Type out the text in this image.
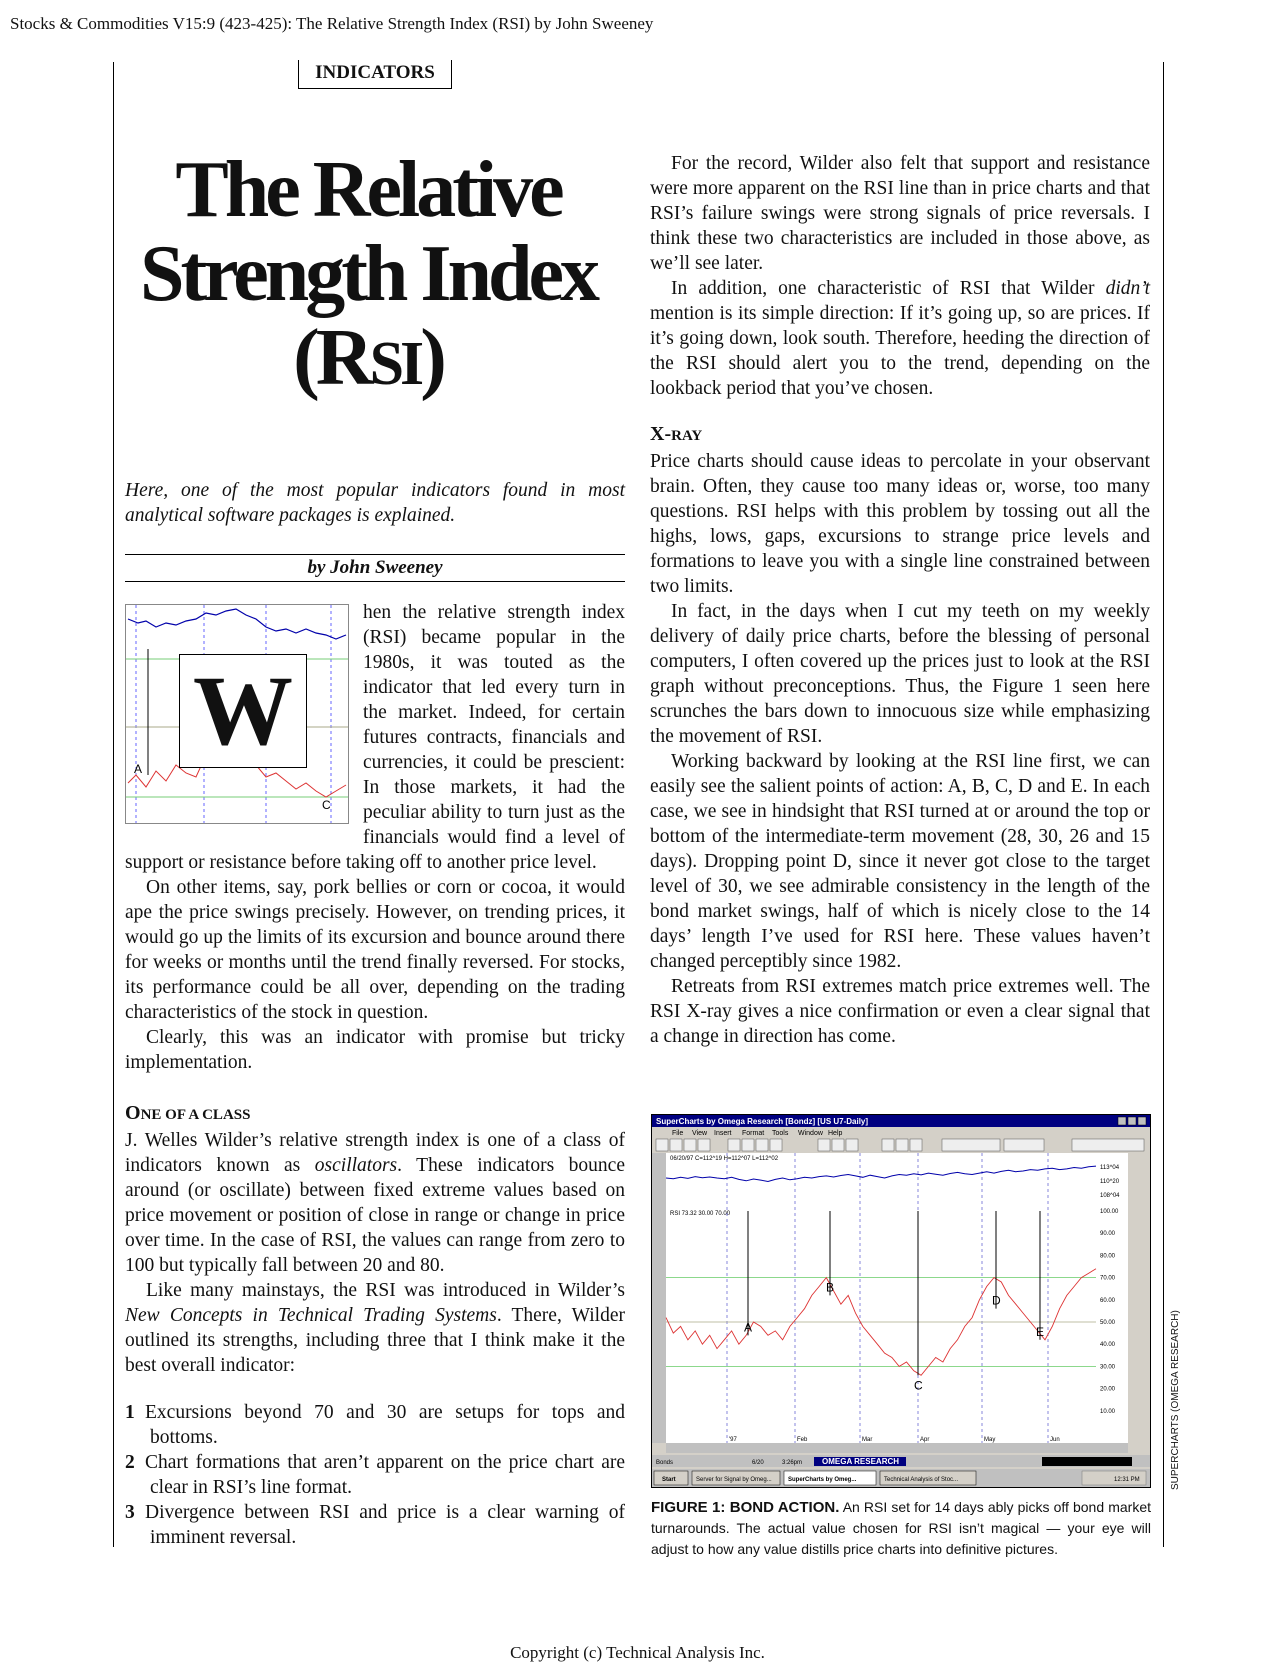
Stocks & Commodities V15:9 (423-425): The Relative Strength Index (RSI) by John Sweeney
INDICATORS
The Relative
Strength Index
(RSI)
Here, one of the most popular indicators found in most analytical software packages is explained.
by John Sweeney
A
C
W

hen the relative strength index (RSI) became popular in the 1980s, it was touted as the indicator that led every turn in the market. Indeed, for certain futures contracts, financials and currencies, it could be prescient: In those markets, it had the peculiar ability to turn just as the financials would find a level of support or resistance before taking off to another price level.

On other items, say, pork bellies or corn or cocoa, it would ape the price swings precisely. However, on trending prices, it would go up the limits of its excursion and bounce around there for weeks or months until the trend finally reversed. For stocks, its performance could be all over, depending on the trading characteristics of the stock in question.

Clearly, this was an indicator with promise but tricky implementation.

ONE OF A CLASS

J. Welles Wilder’s relative strength index is one of a class of indicators known as oscillators. These indicators bounce around (or oscillate) between fixed extreme values based on price movement or position of close in range or change in price over time. In the case of RSI, the values can range from zero to 100 but typically fall between 20 and 80.

Like many mainstays, the RSI was introduced in Wilder’s New Concepts in Technical Trading Systems. There, Wilder outlined its strengths, including three that I think make it the best overall indicator:

1 Excursions beyond 70 and 30 are setups for tops and bottoms.
2 Chart formations that aren’t apparent on the price chart are clear in RSI’s line format.
3 Divergence between RSI and price is a clear warning of imminent reversal.

For the record, Wilder also felt that support and resistance were more apparent on the RSI line than in price charts and that RSI’s failure swings were strong signals of price reversals. I think these two characteristics are included in those above, as we’ll see later.

In addition, one characteristic of RSI that Wilder didn’t mention is its simple direction: If it’s going up, so are prices. If it’s going down, look south. Therefore, heeding the direction of the RSI should alert you to the trend, depending on the lookback period that you’ve chosen.

X-RAY

Price charts should cause ideas to percolate in your observant brain. Often, they cause too many ideas or, worse, too many questions. RSI helps with this problem by tossing out all the highs, lows, gaps, excursions to strange price levels and formations to leave you with a single line constrained between two limits.

In fact, in the days when I cut my teeth on my weekly delivery of daily price charts, before the blessing of personal computers, I often covered up the prices just to look at the RSI graph without preconceptions. Thus, the Figure 1 seen here scrunches the bars down to innocuous size while emphasizing the movement of RSI.

Working backward by looking at the RSI line first, we can easily see the salient points of action: A, B, C, D and E. In each case, we see in hindsight that RSI turned at or around the top or bottom of the intermediate-term movement (28, 30, 26 and 15 days). Dropping point D, since it never got close to the target level of 30, we see admirable consistency in the length of the bond market swings, half of which is nicely close to the 14 days’ length I’ve used for RSI here. These values haven’t changed perceptibly since 1982.

Retreats from RSI extremes match price extremes well. The RSI X-ray gives a nice confirmation or even a clear signal that a change in direction has come.

SuperCharts by Omega Research [Bondz] [US U7-Daily]
File View Insert Format Tools Window Help
06/20/97 C=112^19 H=112^07 L=112^02
RSI 73.32 30.00 70.00
A
B
C
D
E
113^04
110^20
108^04
100.00
90.00
80.00
70.00
60.00
50.00
40.00
30.00
20.00
10.00
'97	Feb	Mar	Apr	May	Jun
Bonds	6/20	3:26pm OMEGA RESEARCH
Start	Server for Signal by Omeg...	SuperCharts by Omeg...	Technical Analysis of Stoc...	12:31 PM
FIGURE 1: BOND ACTION. An RSI set for 14 days ably picks off bond market turnarounds. The actual value chosen for RSI isn’t magical — your eye will adjust to how any value distills price charts into definitive pictures.
SUPERCHARTS (OMEGA RESEARCH)
Copyright (c) Technical Analysis Inc.
